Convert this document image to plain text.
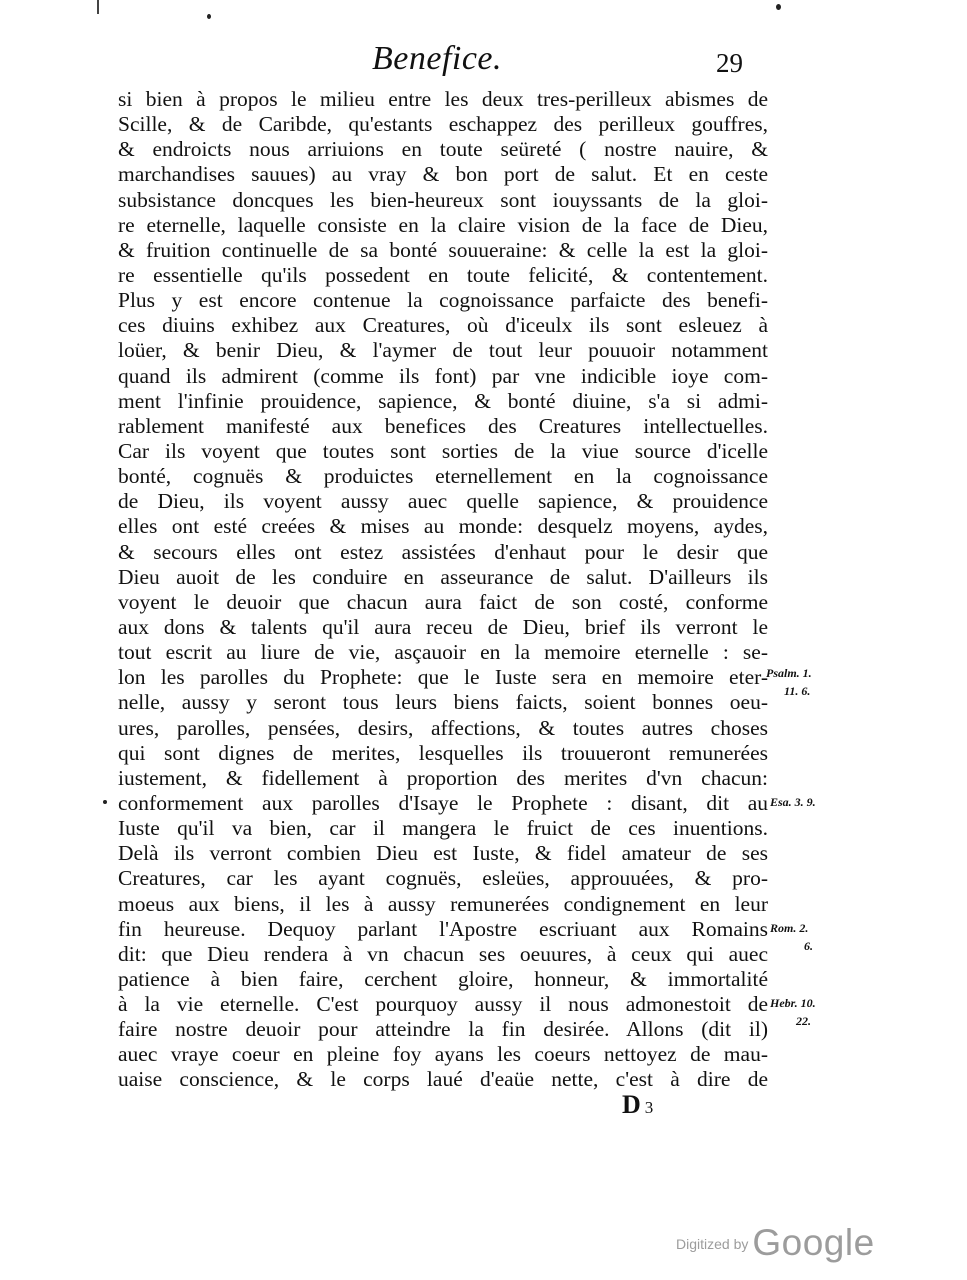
Benefice.	29
si bien à propos le milieu entre les deux tres-perilleux abismes de
Scille, & de Caribde, qu'estants eschappez des perilleux gouffres,
& endroicts nous arriuions en toute seüreté ( nostre nauire, &
marchandises sauues) au vray & bon port de salut. Et en ceste
subsistance doncques les bien-heureux sont iouyssants de la gloi-
re eternelle, laquelle consiste en la claire vision de la face de Dieu,
& fruition continuelle de sa bonté souueraine: & celle la est la gloi-
re essentielle qu'ils possedent en toute felicité, & contentement.
Plus y est encore contenue la cognoissance parfaicte des benefi-
ces diuins exhibez aux Creatures, où d'iceulx ils sont esleuez à
loüer, & benir Dieu, & l'aymer de tout leur pouuoir notamment
quand ils admirent (comme ils font) par vne indicible ioye com-
ment l'infinie prouidence, sapience, & bonté diuine, s'a si admi-
rablement manifesté aux benefices des Creatures intellectuelles.
Car ils voyent que toutes sont sorties de la viue source d'icelle
bonté, cognuës & produictes eternellement en la cognoissance
de Dieu, ils voyent aussy auec quelle sapience, & prouidence
elles ont esté creées & mises au monde: desquelz moyens, aydes,
& secours elles ont estez assistées d'enhaut pour le desir que
Dieu auoit de les conduire en asseurance de salut. D'ailleurs ils
voyent le deuoir que chacun aura faict de son costé, conforme
aux dons & talents qu'il aura receu de Dieu, brief ils verront le
tout escrit au liure de vie, asçauoir en la memoire eternelle : se-
lon les parolles du Prophete: que le Iuste sera en memoire eter-
nelle, aussy y seront tous leurs biens faicts, soient bonnes oeu-
ures, parolles, pensées, desirs, affections, & toutes autres choses
qui sont dignes de merites, lesquelles ils trouueront remunerées
iustement, & fidellement à proportion des merites d'vn chacun:
conformement aux parolles d'Isaye le Prophete : disant, dit au
Iuste qu'il va bien, car il mangera le fruict de ces inuentions.
Delà ils verront combien Dieu est Iuste, & fidel amateur de ses
Creatures, car les ayant cognuës, esleües, approuuées, & pro-
moeus aux biens, il les à aussy remunerées condignement en leur
fin heureuse. Dequoy parlant l'Apostre escriuant aux Romains
dit: que Dieu rendera à vn chacun ses oeuures, à ceux qui auec
patience à bien faire, cerchent gloire, honneur, & immortalité
à la vie eternelle. C'est pourquoy aussy il nous admonestoit de
faire nostre deuoir pour atteindre la fin desirée. Allons (dit il)
auec vraye coeur en pleine foy ayans les coeurs nettoyez de mau-
uaise conscience, & le corps laué d'eaüe nette, c'est à dire de
Psalm. 1.
11. 6.
Esa. 3. 9.
Rom. 2.
6.
Hebr. 10.
22.
D 3
Digitized by Google
